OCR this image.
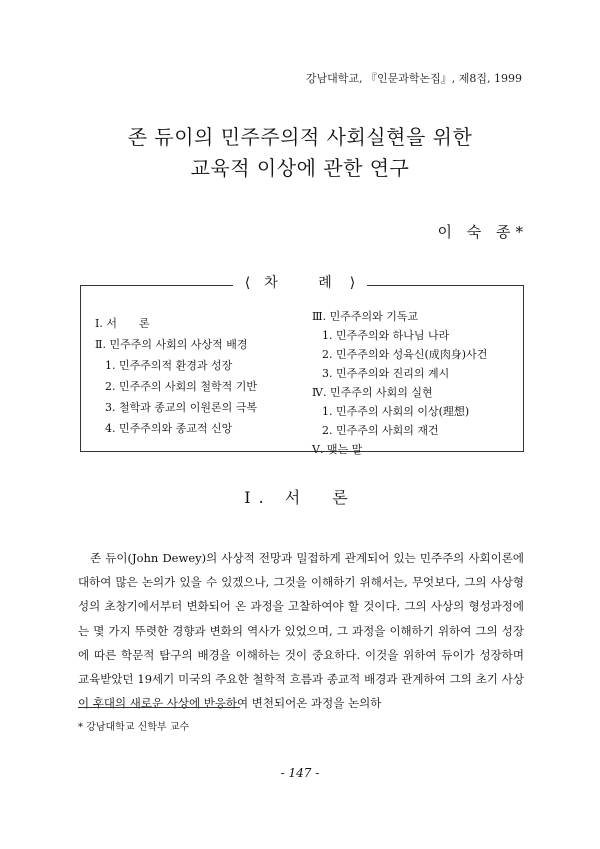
강남대학교, 『인문과학논집』, 제8집, 1999
존 듀이의 민주주의적 사회실현을 위한
교육적 이상에 관한 연구
이 숙 종*
⟨ 차 례 ⟩
Ⅰ. 서　　론
Ⅱ. 민주주의 사회의 사상적 배경
1. 민주주의적 환경과 성장
2. 민주주의 사회의 철학적 기반
3. 철학과 종교의 이원론의 극복
4. 민주주의와 종교적 신앙
Ⅲ. 민주주의와 기독교
1. 민주주의와 하나님 나라
2. 민주주의와 성육신(成肉身)사건
3. 민주주의와 진리의 계시
Ⅳ. 민주주의 사회의 실현
1. 민주주의 사회의 이상(理想)
2. 민주주의 사회의 재건
Ⅴ. 맺는 말
Ⅰ. 서　론

존 듀이(John Dewey)의 사상적 전망과 밀접하게 관계되어 있는 민주주의 사회이론에 대하여 많은 논의가 있을 수 있겠으나, 그것을 이해하기 위해서는, 무엇보다, 그의 사상형성의 초창기에서부터 변화되어 온 과정을 고찰하여야 할 것이다. 그의 사상의 형성과정에는 몇 가지 뚜렷한 경향과 변화의 역사가 있었으며, 그 과정을 이해하기 위하여 그의 성장에 따른 학문적 탐구의 배경을 이해하는 것이 중요하다. 이것을 위하여 듀이가 성장하며 교육받았던 19세기 미국의 주요한 철학적 흐름과 종교적 배경과 관계하여 그의 초기 사상이 후대의 새로운 사상에 반응하여 변천되어온 과정을 논의하

* 강남대학교 신학부 교수
- 147 -
